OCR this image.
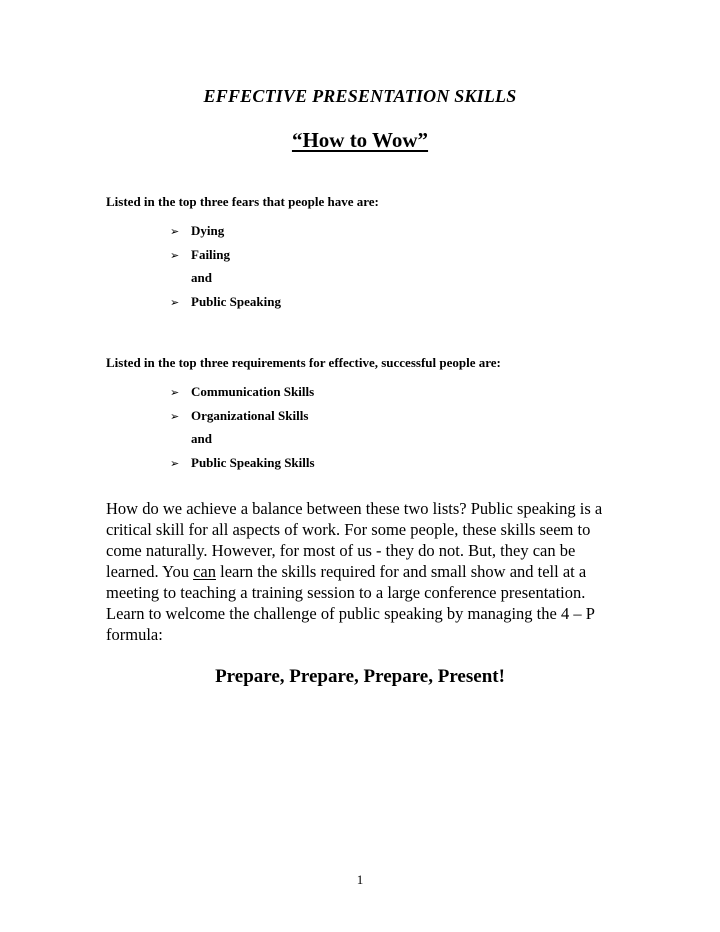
EFFECTIVE PRESENTATION SKILLS
“How to Wow”
Listed in the top three fears that people have are:
➢ Dying
➢ Failing
and
➢ Public Speaking
Listed in the top three requirements for effective, successful people are:
➢ Communication Skills
➢ Organizational Skills
and
➢ Public Speaking Skills

How do we achieve a balance between these two lists? Public speaking is a critical skill for all aspects of work. For some people, these skills seem to come naturally. However, for most of us - they do not. But, they can be learned. You can learn the skills required for and small show and tell at a meeting to teaching a training session to a large conference presentation. Learn to welcome the challenge of public speaking by managing the 4 – P formula:

Prepare, Prepare, Prepare, Present!
1
